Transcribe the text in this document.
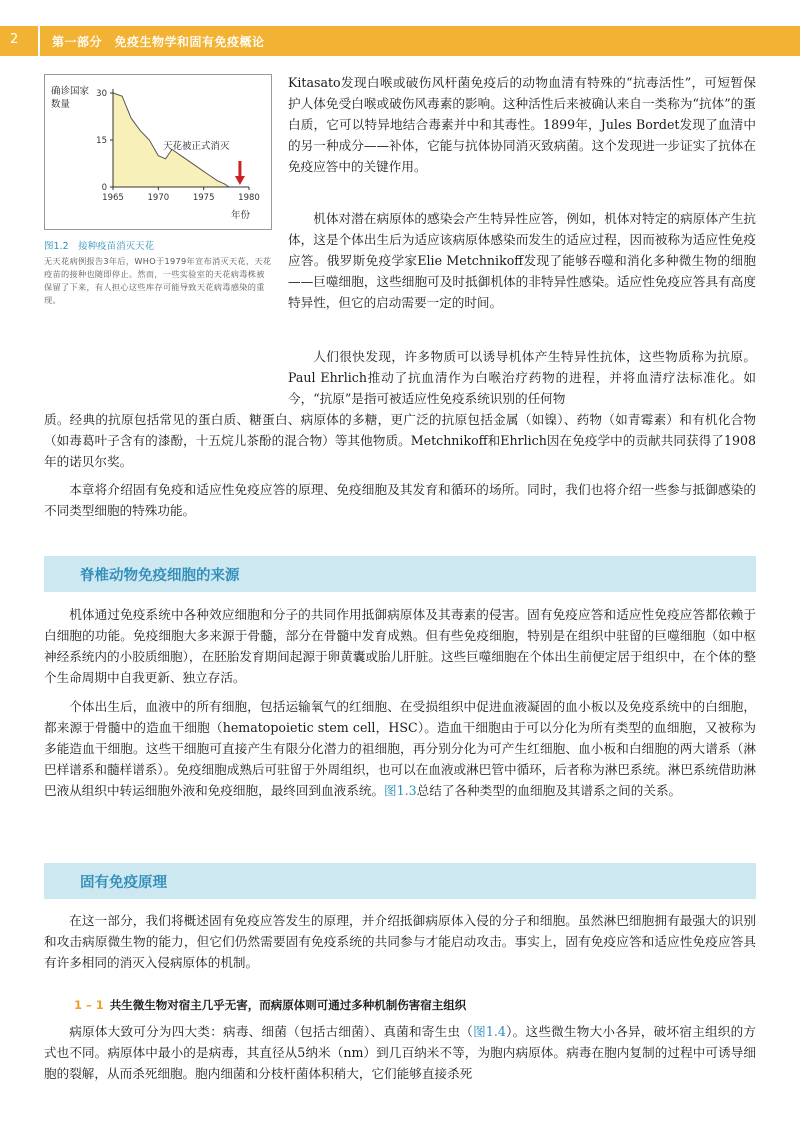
2	第一部分　免疫生物学和固有免疫概论
确诊国家
数量
年份
0
15
30
1965	1970	1975	1980
天花被正式消灭
图1.2　接种疫苗消灭天花
无天花病例报告3年后，WHO于1979年宣布消灭天花，天花疫苗的接种也随即停止。然而，一些实验室的天花病毒株被保留了下来，有人担心这些库存可能导致天花病毒感染的重现。

Kitasato发现白喉或破伤风杆菌免疫后的动物血清有特殊的“抗毒活性”，可短暂保护人体免受白喉或破伤风毒素的影响。这种活性后来被确认来自一类称为“抗体”的蛋白质，它可以特异地结合毒素并中和其毒性。1899年，Jules Bordet发现了血清中的另一种成分——补体，它能与抗体协同消灭致病菌。这个发现进一步证实了抗体在免疫应答中的关键作用。

机体对潜在病原体的感染会产生特异性应答，例如，机体对特定的病原体产生抗体，这是个体出生后为适应该病原体感染而发生的适应过程，因而被称为适应性免疫应答。俄罗斯免疫学家Elie Metchnikoff发现了能够吞噬和消化多种微生物的细胞——巨噬细胞，这些细胞可及时抵御机体的非特异性感染。适应性免疫应答具有高度特异性，但它的启动需要一定的时间。

人们很快发现，许多物质可以诱导机体产生特异性抗体，这些物质称为抗原。Paul Ehrlich推动了抗血清作为白喉治疗药物的进程，并将血清疗法标准化。如今，“抗原”是指可被适应性免疫系统识别的任何物

质。经典的抗原包括常见的蛋白质、糖蛋白、病原体的多糖，更广泛的抗原包括金属（如镍）、药物（如青霉素）和有机化合物（如毒葛叶子含有的漆酚，十五烷儿茶酚的混合物）等其他物质。Metchnikoff和Ehrlich因在免疫学中的贡献共同获得了1908年的诺贝尔奖。

本章将介绍固有免疫和适应性免疫应答的原理、免疫细胞及其发育和循环的场所。同时，我们也将介绍一些参与抵御感染的不同类型细胞的特殊功能。

脊椎动物免疫细胞的来源

机体通过免疫系统中各种效应细胞和分子的共同作用抵御病原体及其毒素的侵害。固有免疫应答和适应性免疫应答都依赖于白细胞的功能。免疫细胞大多来源于骨髓，部分在骨髓中发育成熟。但有些免疫细胞，特别是在组织中驻留的巨噬细胞（如中枢神经系统内的小胶质细胞），在胚胎发育期间起源于卵黄囊或胎儿肝脏。这些巨噬细胞在个体出生前便定居于组织中，在个体的整个生命周期中自我更新、独立存活。

个体出生后，血液中的所有细胞，包括运输氧气的红细胞、在受损组织中促进血液凝固的血小板以及免疫系统中的白细胞，都来源于骨髓中的造血干细胞（hematopoietic stem cell，HSC）。造血干细胞由于可以分化为所有类型的血细胞，又被称为多能造血干细胞。这些干细胞可直接产生有限分化潜力的祖细胞，再分别分化为可产生红细胞、血小板和白细胞的两大谱系（淋巴样谱系和髓样谱系）。免疫细胞成熟后可驻留于外周组织，也可以在血液或淋巴管中循环，后者称为淋巴系统。淋巴系统借助淋巴液从组织中转运细胞外液和免疫细胞，最终回到血液系统。图1.3总结了各种类型的血细胞及其谱系之间的关系。

固有免疫原理

在这一部分，我们将概述固有免疫应答发生的原理，并介绍抵御病原体入侵的分子和细胞。虽然淋巴细胞拥有最强大的识别和攻击病原微生物的能力，但它们仍然需要固有免疫系统的共同参与才能启动攻击。事实上，固有免疫应答和适应性免疫应答具有许多相同的消灭入侵病原体的机制。

1 – 1 共生微生物对宿主几乎无害，而病原体则可通过多种机制伤害宿主组织

病原体大致可分为四大类：病毒、细菌（包括古细菌）、真菌和寄生虫（图1.4）。这些微生物大小各异，破坏宿主组织的方式也不同。病原体中最小的是病毒，其直径从5纳米（nm）到几百纳米不等，为胞内病原体。病毒在胞内复制的过程中可诱导细胞的裂解，从而杀死细胞。胞内细菌和分枝杆菌体积稍大，它们能够直接杀死
